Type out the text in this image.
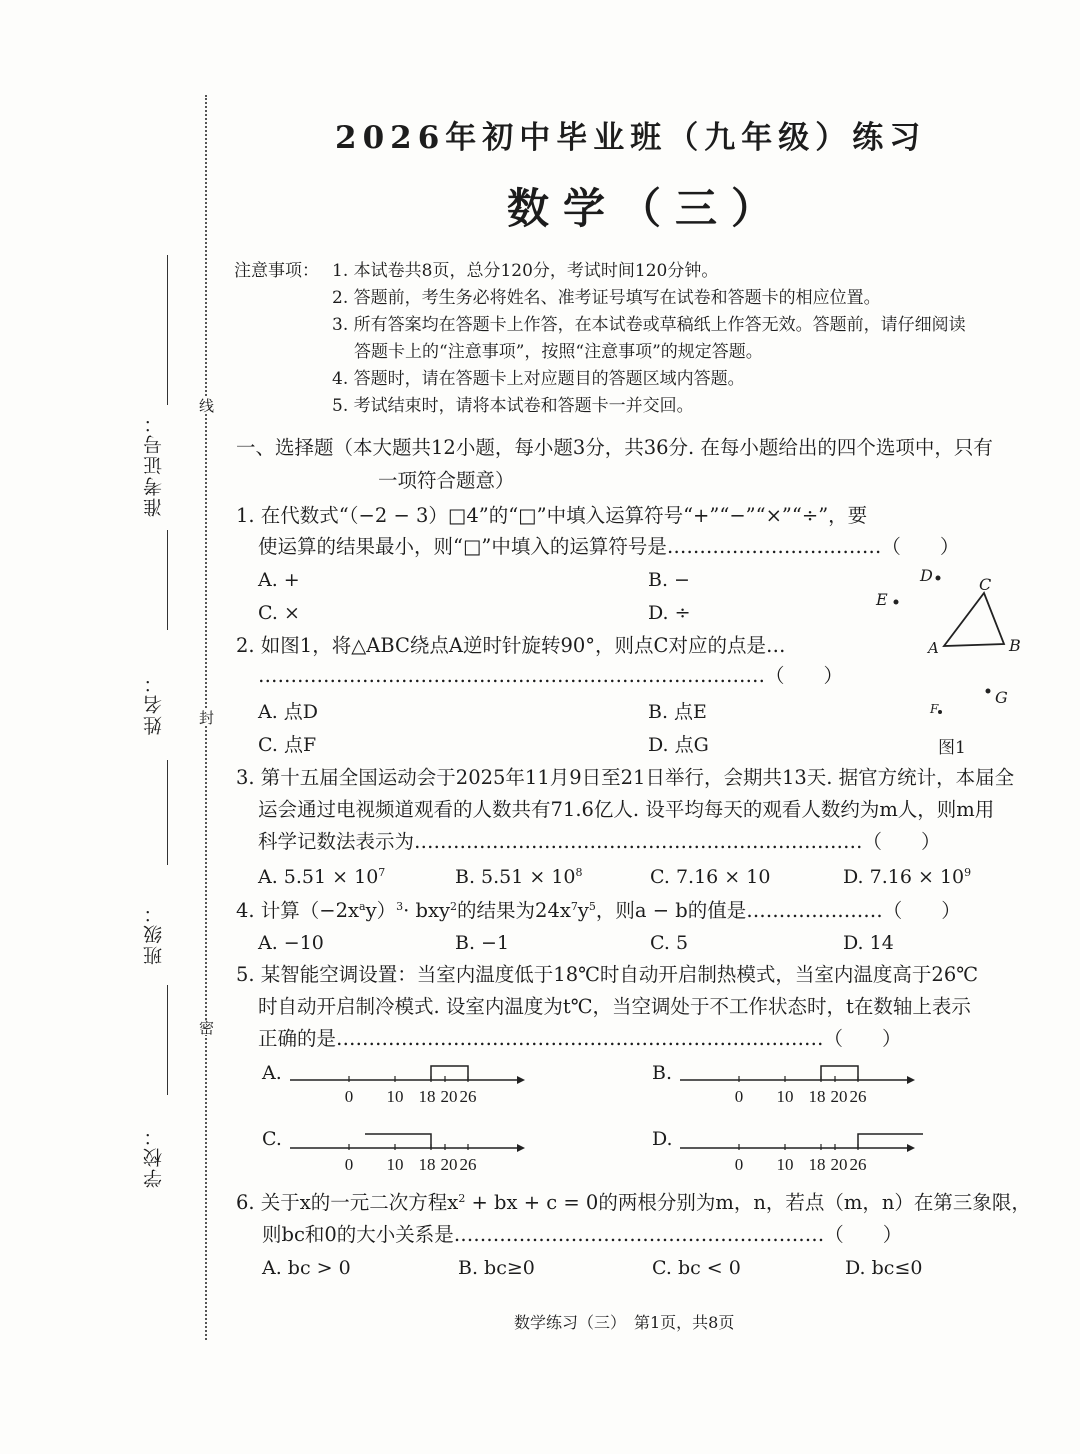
准考证号：
姓名：
班级：
学校：
线
封
密
2026年初中毕业班（九年级）练习
数学（三）
注意事项： 1. 本试卷共8页，总分120分，考试时间120分钟。
2. 答题前，考生务必将姓名、准考证号填写在试卷和答题卡的相应位置。
3. 所有答案均在答题卡上作答，在本试卷或草稿纸上作答无效。答题前，请仔细阅读
答题卡上的“注意事项”，按照“注意事项”的规定答题。
4. 答题时，请在答题卡上对应题目的答题区域内答题。
5. 考试结束时，请将本试卷和答题卡一并交回。
一、选择题（本大题共12小题，每小题3分，共36分. 在每小题给出的四个选项中，只有
一项符合题意）
1. 在代数式“（−2 − 3）□4”的“□”中填入运算符号“+”“−”“×”“÷”，要
使运算的结果最小，则“□”中填入的运算符号是……………………………（　　）
A. +	B. −
C. ×	D. ÷
D
E
C
A	B
G
F
图1
2. 如图1，将△ABC绕点A逆时针旋转90°，则点C对应的点是…
……………………………………………………………………（　　）
A. 点D	B. 点E
C. 点F	D. 点G
3. 第十五届全国运动会于2025年11月9日至21日举行，会期共13天. 据官方统计，本届全
运会通过电视频道观看的人数共有71.6亿人. 设平均每天的观看人数约为m人，则m用
科学记数法表示为……………………………………………………………（　　）
A. $5.51 \times 10^7$	B. $5.51 \times 10^8$	C. 7.16 × 10	D. $7.16 \times 10^9$
4. 计算$(-2x^ay)^3\cdot bxy^2$的结果为$24x^7y^5$，则a − b的值是…………………（　　）
A. −10	B. −1	C. 5	D. 14
5. 某智能空调设置：当室内温度低于18℃时自动开启制热模式，当室内温度高于26℃
时自动开启制冷模式. 设室内温度为t℃，当空调处于不工作状态时，t在数轴上表示
正确的是…………………………………………………………………（　　）
A.	B.
C.	D.
0 10 18 20 26	0 10 18 20 26
0 10 18 20 26	0 10 18 20 26
6. 关于x的一元二次方程$x^2$ + bx + c = 0的两根分别为m，n，若点（m，n）在第三象限，
则bc和0的大小关系是…………………………………………………（　　）
A. bc > 0	B. bc≥0	C. bc < 0	D. bc≤0
数学练习（三）　第1页，共8页
